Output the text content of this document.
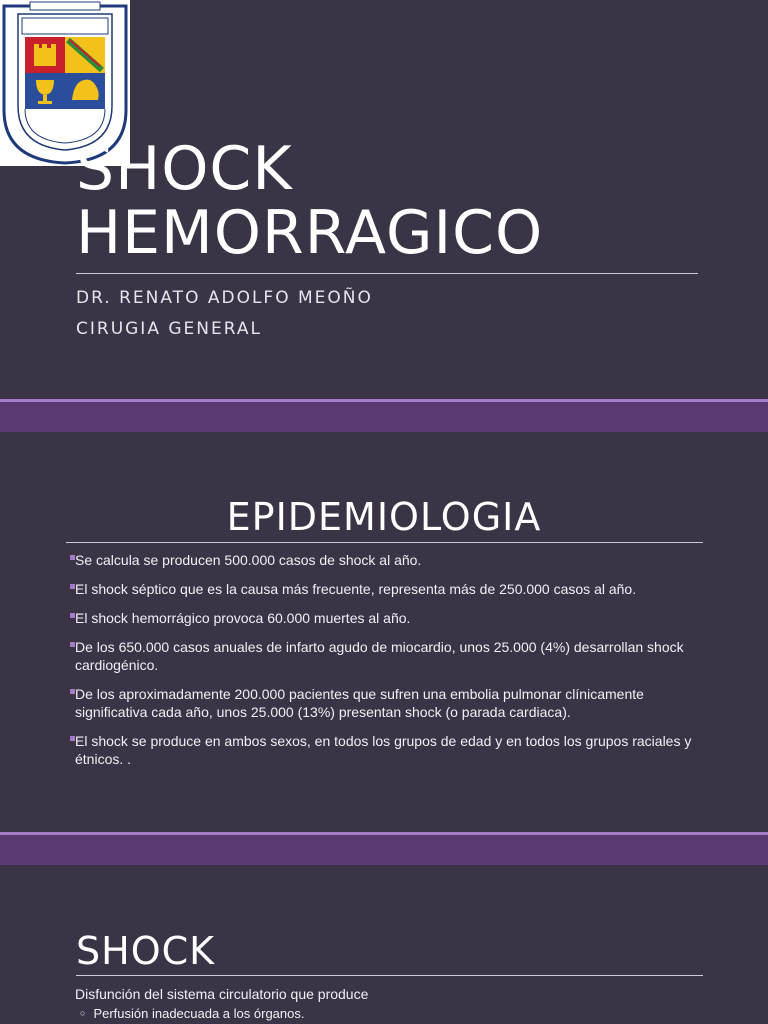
SHOCK
HEMORRAGICO
DR. RENATO ADOLFO MEOÑO
CIRUGIA GENERAL
EPIDEMIOLOGIA
Se calcula se producen 500.000 casos de shock al año.
El shock séptico que es la causa más frecuente, representa más de 250.000 casos al año.
El shock hemorrágico provoca 60.000 muertes al año.
De los 650.000 casos anuales de infarto agudo de miocardio, unos 25.000 (4%) desarrollan shock cardiogénico.
De los aproximadamente 200.000 pacientes que sufren una embolia pulmonar clínicamente significativa cada año, unos 25.000 (13%) presentan shock (o parada cardiaca).
El shock se produce en ambos sexos, en todos los grupos de edad y en todos los grupos raciales y étnicos. .
SHOCK
Disfunción del sistema circulatorio que produce
○ Perfusión inadecuada a los órganos.
